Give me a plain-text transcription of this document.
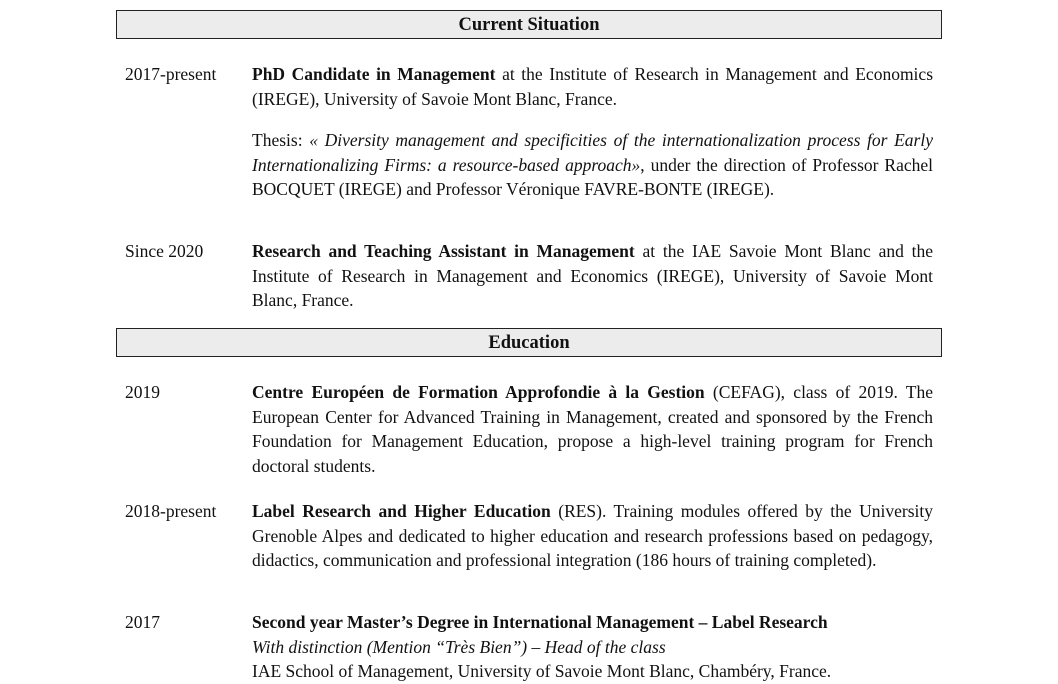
Current Situation
2017-present PhD Candidate in Management at the Institute of Research in Management and Economics (IREGE), University of Savoie Mont Blanc, France.

Thesis: « Diversity management and specificities of the internationalization process for Early Internationalizing Firms: a resource-based approach», under the direction of Professor Rachel BOCQUET (IREGE) and Professor Véronique FAVRE-BONTE (IREGE).

Since 2020	Research and Teaching Assistant in Management at the IAE Savoie Mont Blanc and the Institute of Research in Management and Economics (IREGE), University of Savoie Mont Blanc, France.

Education
2019	Centre Européen de Formation Approfondie à la Gestion (CEFAG), class of 2019. The European Center for Advanced Training in Management, created and sponsored by the French Foundation for Management Education, propose a high-level training program for French doctoral students.

2018-present Label Research and Higher Education (RES). Training modules offered by the University Grenoble Alpes and dedicated to higher education and research professions based on pedagogy, didactics, communication and professional integration (186 hours of training completed).

2017	Second year Master’s Degree in International Management – Label Research
With distinction (Mention “Très Bien”) – Head of the class
IAE School of Management, University of Savoie Mont Blanc, Chambéry, France.
